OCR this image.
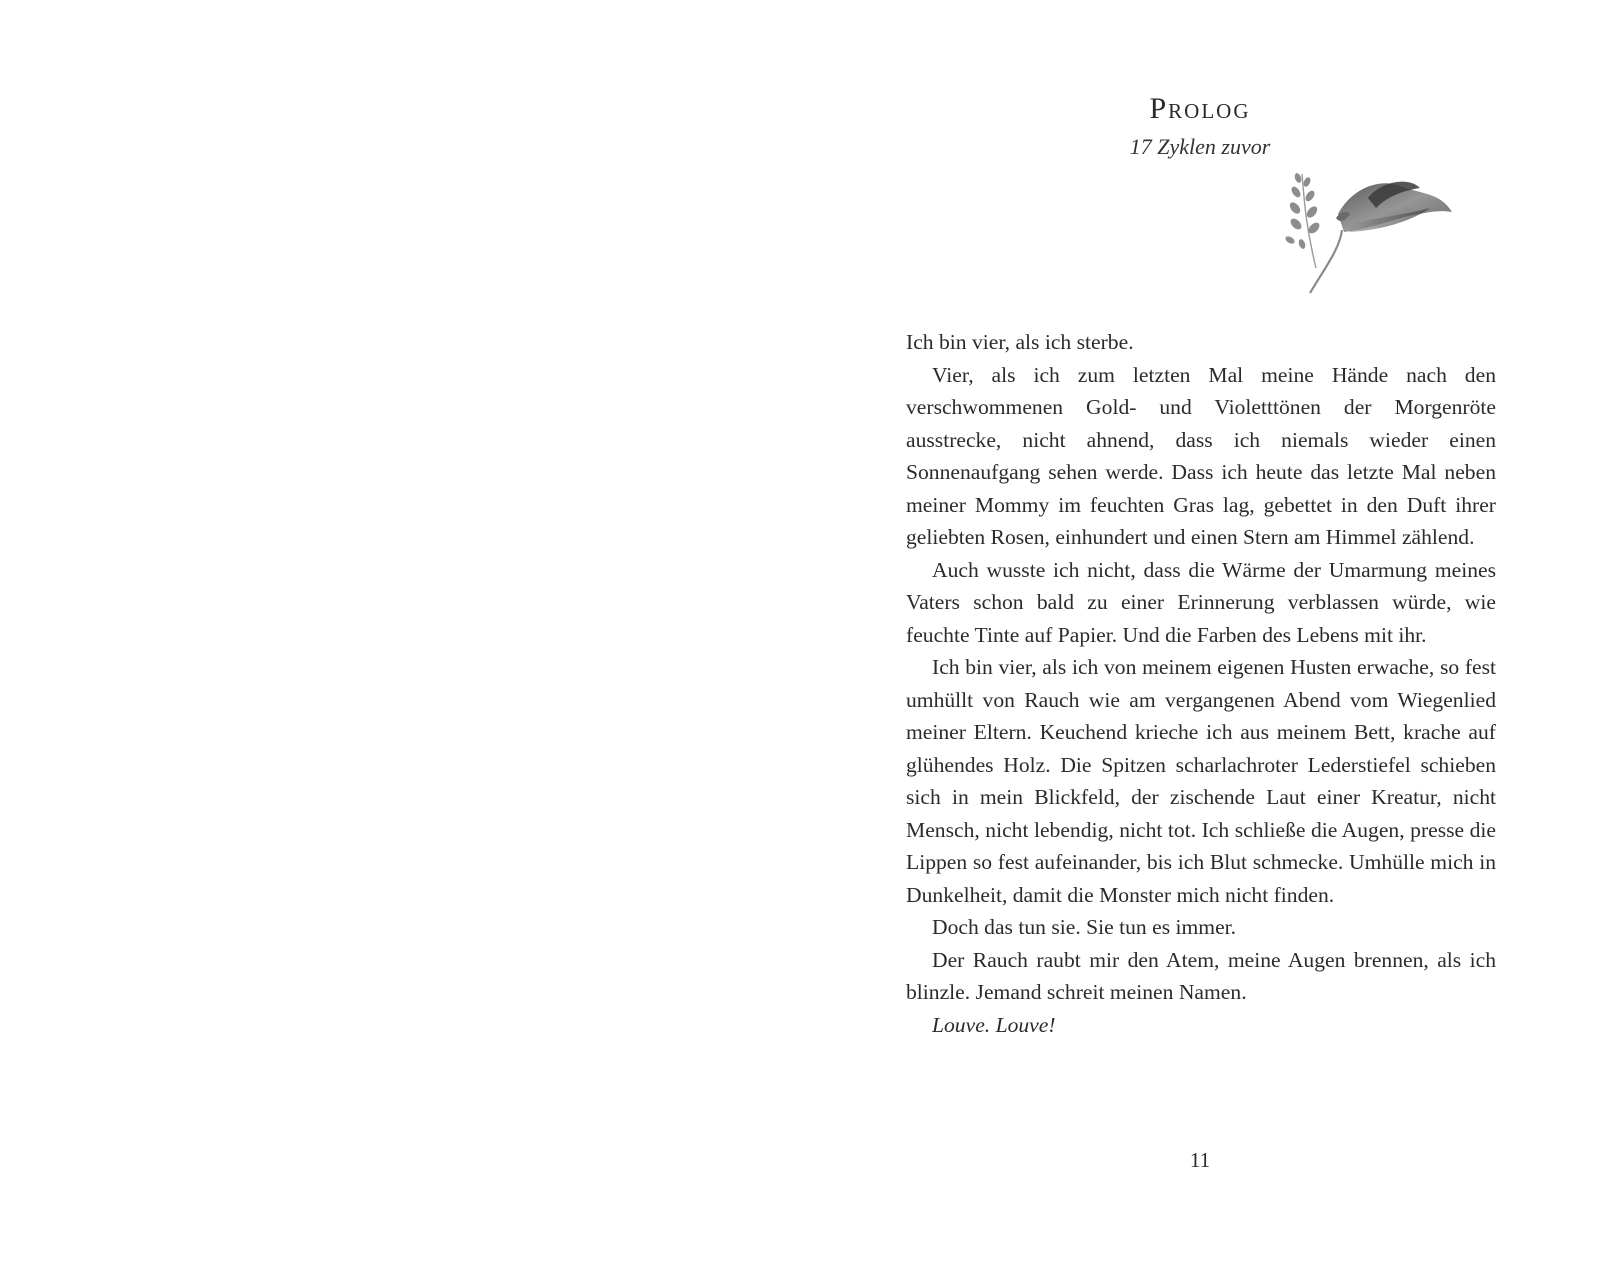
Prolog
17 Zyklen zuvor

Ich bin vier, als ich sterbe.

Vier, als ich zum letzten Mal meine Hände nach den verschwommenen Gold- und Violetttönen der Morgenröte ausstrecke, nicht ahnend, dass ich niemals wieder einen Sonnenaufgang sehen werde. Dass ich heute das letzte Mal neben meiner Mommy im feuchten Gras lag, gebettet in den Duft ihrer geliebten Rosen, einhundert und einen Stern am Himmel zählend.

Auch wusste ich nicht, dass die Wärme der Umarmung meines Vaters schon bald zu einer Erinnerung verblassen würde, wie feuchte Tinte auf Papier. Und die Farben des Lebens mit ihr.

Ich bin vier, als ich von meinem eigenen Husten erwache, so fest umhüllt von Rauch wie am vergangenen Abend vom Wiegenlied meiner Eltern. Keuchend krieche ich aus meinem Bett, krache auf glühendes Holz. Die Spitzen scharlachroter Lederstiefel schieben sich in mein Blickfeld, der zischende Laut einer Kreatur, nicht Mensch, nicht lebendig, nicht tot. Ich schließe die Augen, presse die Lippen so fest aufeinander, bis ich Blut schmecke. Umhülle mich in Dunkelheit, damit die Monster mich nicht finden.

Doch das tun sie. Sie tun es immer.

Der Rauch raubt mir den Atem, meine Augen brennen, als ich blinzle. Jemand schreit meinen Namen.

Louve. Louve!

11
